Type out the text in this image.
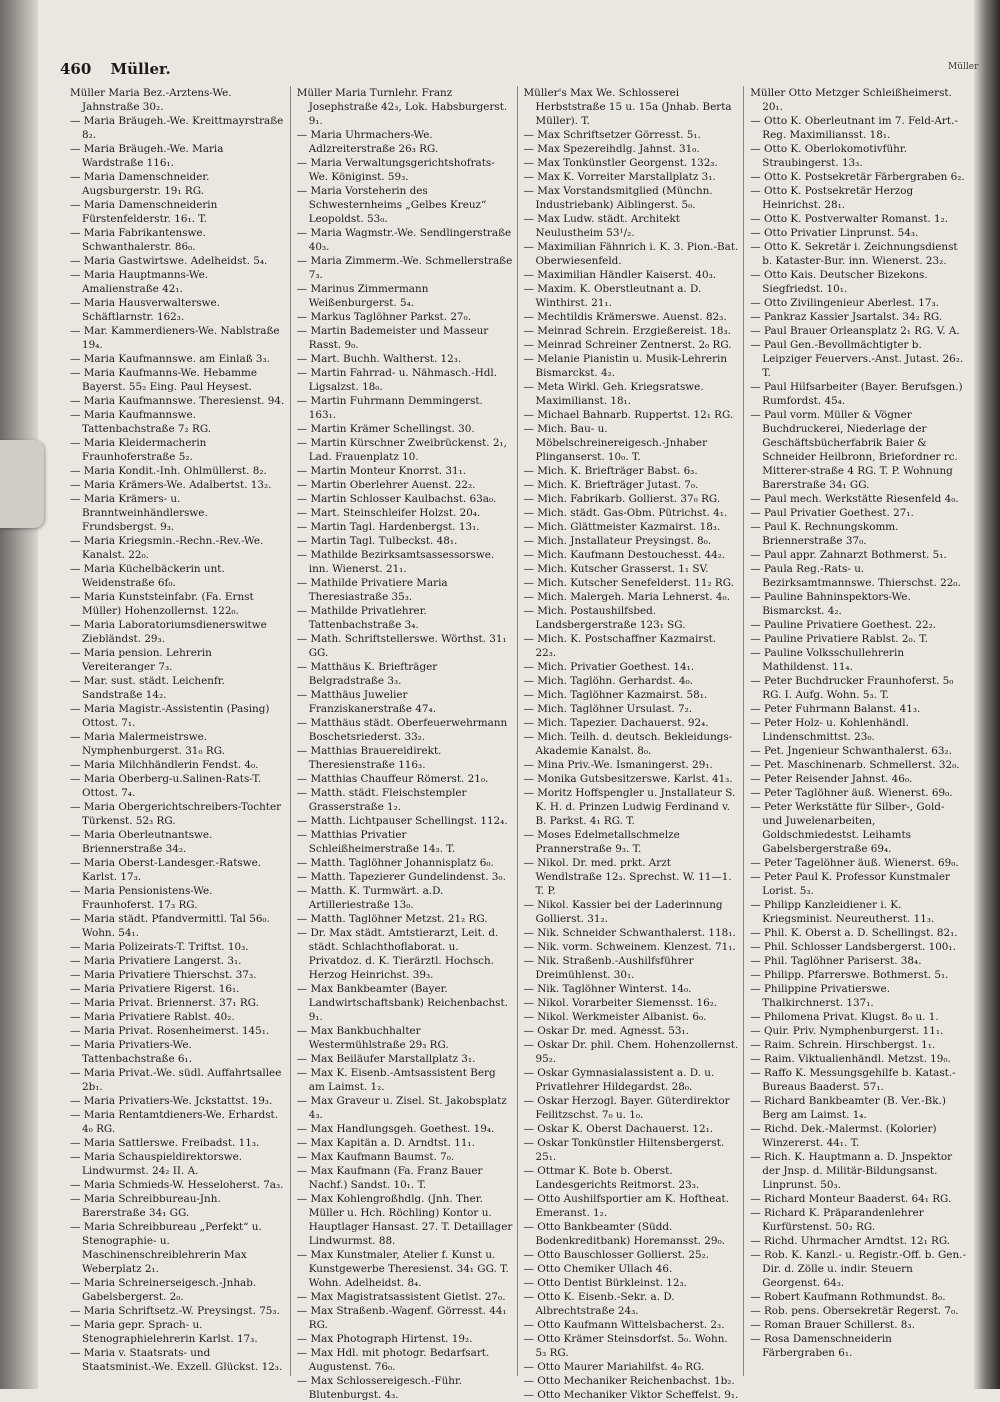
460 Müller.

Müller Maria Bez.-Arztens-We. Jahnstraße 30₂.

— Maria Bräugeh.-We. Kreittmayrstraße 8₂.

— Maria Bräugeh.-We. Maria Wardstraße 116₁.

— Maria Damenschneider. Augsburgerstr. 19₁ RG.

— Maria Damenschneiderin Fürstenfelderstr. 16₁. T.

— Maria Fabrikantenswe. Schwanthalerstr. 86₀.

— Maria Gastwirtswe. Adelheidst. 5₄.

— Maria Hauptmanns-We. Amalienstraße 42₁.

— Maria Hausverwalterswe. Schäftlarnstr. 162₃.

— Mar. Kammerdieners-We. Nablstraße 19₄.

— Maria Kaufmannswe. am Einlaß 3₃.

— Maria Kaufmanns-We. Hebamme Bayerst. 55₂ Eing. Paul Heysest.

— Maria Kaufmannswe. Theresienst. 94.

— Maria Kaufmannswe. Tattenbachstraße 7₂ RG.

— Maria Kleidermacherin Fraunhoferstraße 5₂.

— Maria Kondit.-Inh. Ohlmüllerst. 8₂.

— Maria Krämers-We. Adalbertst. 13₂.

— Maria Krämers- u. Branntweinhändlerswe. Frundsbergst. 9₃.

— Maria Kriegsmin.-Rechn.-Rev.-We. Kanalst. 22₀.

— Maria Küchelbäckerin unt. Weidenstraße 6f₀.

— Maria Kunststeinfabr. (Fa. Ernst Müller) Hohenzollernst. 122₀.

— Maria Laboratoriumsdienerswitwe Ziebländst. 29₃.

— Maria pension. Lehrerin Vereiteranger 7₃.

— Mar. sust. städt. Leichenfr. Sandstraße 14₂.

— Maria Magistr.-Assistentin (Pasing) Ottost. 7₁.

— Maria Malermeistrswe. Nymphenburgerst. 31₀ RG.

— Maria Milchhändlerin Fendst. 4₀.

— Maria Oberberg-u.Salinen-Rats-T. Ottost. 7₄.

— Maria Obergerichtschreibers-Tochter Türkenst. 52₃ RG.

— Maria Oberleutnantswe. Briennerstraße 34₂.

— Maria Oberst-Landesger.-Ratswe. Karlst. 17₃.

— Maria Pensionistens-We. Fraunhoferst. 17₃ RG.

— Maria städt. Pfandvermittl. Tal 56₀. Wohn. 54₁.

— Maria Polizeirats-T. Triftst. 10₃.

— Maria Privatiere Langerst. 3₁.

— Maria Privatiere Thierschst. 37₃.

— Maria Privatiere Rigerst. 16₁.

— Maria Privat. Briennerst. 37₁ RG.

— Maria Privatiere Rablst. 40₂.

— Maria Privat. Rosenheimerst. 145₁.

— Maria Privatiers-We. Tattenbachstraße 6₁.

— Maria Privat.-We. südl. Auffahrtsallee 2b₁.

— Maria Privatiers-We. Jckstattst. 19₃.

— Maria Rentamtdieners-We. Erhardst. 4₀ RG.

— Maria Sattlerswe. Freibadst. 11₃.

— Maria Schauspieldirektorswe. Lindwurmst. 24₂ II. A.

— Maria Schmieds-W. Hesseloherst. 7a₃.

— Maria Schreibbureau-Jnh. Barerstraße 34₁ GG.

— Maria Schreibbureau „Perfekt“ u. Stenographie- u. Maschinenschreiblehrerin Max Weberplatz 2₁.

— Maria Schreinerseigesch.-Jnhab. Gabelsbergerst. 2₀.

— Maria Schriftsetz.-W. Preysingst. 75₃.

— Maria gepr. Sprach- u. Stenographielehrerin Karlst. 17₃.

— Maria v. Staatsrats- und Staatsminist.-We. Exzell. Glückst. 12₃.

Müller Maria Turnlehr. Franz Josephstraße 42₃, Lok. Habsburgerst. 9₁.

— Maria Uhrmachers-We. Adlzreiterstraße 26₃ RG.

— Maria Verwaltungsgerichtshofrats-We. Königinst. 59₃.

— Maria Vorsteherin des Schwesternheims „Gelbes Kreuz“ Leopoldst. 53₀.

— Maria Wagmstr.-We. Sendlingerstraße 40₃.

— Maria Zimmerm.-We. Schmellerstraße 7₃.

— Marinus Zimmermann Weißenburgerst. 5₄.

— Markus Taglöhner Parkst. 27₀.

— Martin Bademeister und Masseur Rasst. 9₀.

— Mart. Buchh. Waltherst. 12₃.

— Martin Fahrrad- u. Nähmasch.-Hdl. Ligsalzst. 18₀.

— Martin Fuhrmann Demmingerst. 163₁.

— Martin Krämer Schellingst. 30.

— Martin Kürschner Zweibrückenst. 2₁, Lad. Frauenplatz 10.

— Martin Monteur Knorrst. 31₁.

— Martin Oberlehrer Auenst. 22₂.

— Martin Schlosser Kaulbachst. 63a₀.

— Mart. Steinschleifer Holzst. 20₄.

— Martin Tagl. Hardenbergst. 13₁.

— Martin Tagl. Tulbeckst. 48₁.

— Mathilde Bezirksamtsassessorswe. inn. Wienerst. 21₁.

— Mathilde Privatiere Maria Theresiastraße 35₃.

— Mathilde Privatlehrer. Tattenbachstraße 3₄.

— Math. Schriftstellerswe. Wörthst. 31₁ GG.

— Matthäus K. Briefträger Belgradstraße 3₃.

— Matthäus Juwelier Franziskanerstraße 47₄.

— Matthäus städt. Oberfeuerwehrmann Boschetsriederst. 33₂.

— Matthias Brauereidirekt. Theresienstraße 116₃.

— Matthias Chauffeur Römerst. 21₀.

— Matth. städt. Fleischstempler Grasserstraße 1₂.

— Matth. Lichtpauser Schellingst. 112₄.

— Matthias Privatier Schleißheimerstraße 14₃. T.

— Matth. Taglöhner Johannisplatz 6₀.

— Matth. Tapezierer Gundelindenst. 3₀.

— Matth. K. Turmwärt. a.D. Artilleriestraße 13₀.

— Matth. Taglöhner Metzst. 21₂ RG.

— Dr. Max städt. Amtstierarzt, Leit. d. städt. Schlachthoflaborat. u. Privatdoz. d. K. Tierärztl. Hochsch. Herzog Heinrichst. 39₃.

— Max Bankbeamter (Bayer. Landwirtschaftsbank) Reichenbachst. 9₁.

— Max Bankbuchhalter Westermühlstraße 29₃ RG.

— Max Beiläufer Marstallplatz 3₁.

— Max K. Eisenb.-Amtsassistent Berg am Laimst. 1₂.

— Max Graveur u. Zisel. St. Jakobsplatz 4₃.

— Max Handlungsgeh. Goethest. 19₄.

— Max Kapitän a. D. Arndtst. 11₁.

— Max Kaufmann Baumst. 7₀.

— Max Kaufmann (Fa. Franz Bauer Nachf.) Sandst. 10₁. T.

— Max Kohlengroßhdlg. (Jnh. Ther. Müller u. Hch. Röchling) Kontor u. Hauptlager Hansast. 27. T. Detaillager Lindwurmst. 88.

— Max Kunstmaler, Atelier f. Kunst u. Kunstgewerbe Theresienst. 34₁ GG. T. Wohn. Adelheidst. 8₄.

— Max Magistratsassistent Gietlst. 27₀.

— Max Straßenb.-Wagenf. Görresst. 44₁ RG.

— Max Photograph Hirtenst. 19₂.

— Max Hdl. mit photogr. Bedarfsart. Augustenst. 76₀.

— Max Schlossereigesch.-Führ. Blutenburgst. 4₃.

Müller's Max We. Schlosserei Herbststraße 15 u. 15a (Jnhab. Berta Müller). T.

— Max Schriftsetzer Görresst. 5₁.

— Max Spezereihdlg. Jahnst. 31₀.

— Max Tonkünstler Georgenst. 132₃.

— Max K. Vorreiter Marstallplatz 3₁.

— Max Vorstandsmitglied (Münchn. Industriebank) Aiblingerst. 5₀.

— Max Ludw. städt. Architekt Neulustheim 53¹/₂.

— Maximilian Fähnrich i. K. 3. Pion.-Bat. Oberwiesenfeld.

— Maximilian Händler Kaiserst. 40₃.

— Maxim. K. Oberstleutnant a. D. Winthirst. 21₁.

— Mechtildis Krämerswe. Auenst. 82₃.

— Meinrad Schrein. Erzgießereist. 18₃.

— Meinrad Schreiner Zentnerst. 2₀ RG.

— Melanie Pianistin u. Musik-Lehrerin Bismarckst. 4₂.

— Meta Wirkl. Geh. Kriegsratswe. Maximilianst. 18₁.

— Michael Bahnarb. Ruppertst. 12₁ RG.

— Mich. Bau- u. Möbelschreinereigesch.-Jnhaber Plinganserst. 10₀. T.

— Mich. K. Briefträger Babst. 6₃.

— Mich. K. Briefträger Jutast. 7₀.

— Mich. Fabrikarb. Gollierst. 37₀ RG.

— Mich. städt. Gas-Obm. Pütrichst. 4₁.

— Mich. Glättmeister Kazmairst. 18₃.

— Mich. Jnstallateur Preysingst. 8₀.

— Mich. Kaufmann Destouchesst. 44₂.

— Mich. Kutscher Grasserst. 1₁ SV.

— Mich. Kutscher Senefelderst. 11₂ RG.

— Mich. Malergeh. Maria Lehnerst. 4₀.

— Mich. Postaushilfsbed. Landsbergerstraße 123₁ SG.

— Mich. K. Postschaffner Kazmairst. 22₃.

— Mich. Privatier Goethest. 14₁.

— Mich. Taglöhn. Gerhardst. 4₀.

— Mich. Taglöhner Kazmairst. 58₁.

— Mich. Taglöhner Ursulast. 7₂.

— Mich. Tapezier. Dachauerst. 92₄.

— Mich. Teilh. d. deutsch. Bekleidungs-Akademie Kanalst. 8₀.

— Mina Priv.-We. Ismaningerst. 29₁.

— Monika Gutsbesitzerswe. Karlst. 41₃.

— Moritz Hoffspengler u. Jnstallateur S. K. H. d. Prinzen Ludwig Ferdinand v. B. Parkst. 4₁ RG. T.

— Moses Edelmetallschmelze Prannerstraße 9₃. T.

— Nikol. Dr. med. prkt. Arzt Wendlstraße 12₃. Sprechst. W. 11—1. T. P.

— Nikol. Kassier bei der Laderinnung Gollierst. 31₂.

— Nik. Schneider Schwanthalerst. 118₁.

— Nik. vorm. Schweinem. Klenzest. 71₁.

— Nik. Straßenb.-Aushilfsführer Dreimühlenst. 30₁.

— Nik. Taglöhner Winterst. 14₀.

— Nikol. Vorarbeiter Siemensst. 16₂.

— Nikol. Werkmeister Albanist. 6₀.

— Oskar Dr. med. Agnesst. 53₁.

— Oskar Dr. phil. Chem. Hohenzollernst. 95₂.

— Oskar Gymnasialassistent a. D. u. Privatlehrer Hildegardst. 28₀.

— Oskar Herzogl. Bayer. Güterdirektor Feilitzschst. 7₀ u. 1₀.

— Oskar K. Oberst Dachauerst. 12₁.

— Oskar Tonkünstler Hiltensbergerst. 25₁.

— Ottmar K. Bote b. Oberst. Landesgerichts Reitmorst. 23₃.

— Otto Aushilfsportier am K. Hoftheat. Emeranst. 1₂.

— Otto Bankbeamter (Südd. Bodenkreditbank) Horemansst. 29₀.

— Otto Bauschlosser Gollierst. 25₂.

— Otto Chemiker Ullach 46.

— Otto Dentist Bürkleinst. 12₃.

— Otto K. Eisenb.-Sekr. a. D. Albrechtstraße 24₃.

— Otto Kaufmann Wittelsbacherst. 2₃.

— Otto Krämer Steinsdorfst. 5₀. Wohn. 5₃ RG.

— Otto Maurer Mariahilfst. 4₀ RG.

— Otto Mechaniker Reichenbachst. 1b₂.

— Otto Mechaniker Viktor Scheffelst. 9₁.

Müller Otto Metzger Schleißheimerst. 20₁.

— Otto K. Oberleutnant im 7. Feld-Art.-Reg. Maximiliansst. 18₁.

— Otto K. Oberlokomotivführ. Straubingerst. 13₃.

— Otto K. Postsekretär Färbergraben 6₂.

— Otto K. Postsekretär Herzog Heinrichst. 28₁.

— Otto K. Postverwalter Romanst. 1₂.

— Otto Privatier Linprunst. 54₃.

— Otto K. Sekretär i. Zeichnungsdienst b. Kataster-Bur. inn. Wienerst. 23₂.

— Otto Kais. Deutscher Bizekons. Siegfriedst. 10₁.

— Otto Zivilingenieur Aberlest. 17₃.

— Pankraz Kassier Jsartalst. 34₂ RG.

— Paul Brauer Orleansplatz 2₁ RG. V. A.

— Paul Gen.-Bevollmächtigter b. Leipziger Feuervers.-Anst. Jutast. 26₂. T.

— Paul Hilfsarbeiter (Bayer. Berufsgen.) Rumfordst. 45₄.

— Paul vorm. Müller & Vögner Buchdruckerei, Niederlage der Geschäftsbücherfabrik Baier & Schneider Heilbronn, Briefordner rc. Mitterer-straße 4 RG. T. P. Wohnung Barerstraße 34₁ GG.

— Paul mech. Werkstätte Riesenfeld 4₀.

— Paul Privatier Goethest. 27₁.

— Paul K. Rechnungskomm. Briennerstraße 37₀.

— Paul appr. Zahnarzt Bothmerst. 5₁.

— Paula Reg.-Rats- u. Bezirksamtmannswe. Thierschst. 22₀.

— Pauline Bahninspektors-We. Bismarckst. 4₂.

— Pauline Privatiere Goethest. 22₂.

— Pauline Privatiere Rablst. 2₀. T.

— Pauline Volksschullehrerin Mathildenst. 11₄.

— Peter Buchdrucker Fraunhoferst. 5₀ RG. I. Aufg. Wohn. 5₃. T.

— Peter Fuhrmann Balanst. 41₃.

— Peter Holz- u. Kohlenhändl. Lindenschmittst. 23₀.

— Pet. Jngenieur Schwanthalerst. 63₂.

— Pet. Maschinenarb. Schmellerst. 32₀.

— Peter Reisender Jahnst. 46₀.

— Peter Taglöhner äuß. Wienerst. 69₀.

— Peter Werkstätte für Silber-, Gold- und Juwelenarbeiten, Goldschmiedestst. Leihamts Gabelsbergerstraße 69₄.

— Peter Tagelöhner äuß. Wienerst. 69₀.

— Peter Paul K. Professor Kunstmaler Lorist. 5₃.

— Philipp Kanzleidiener i. K. Kriegsminist. Neureutherst. 11₃.

— Phil. K. Oberst a. D. Schellingst. 82₁.

— Phil. Schlosser Landsbergerst. 100₁.

— Phil. Taglöhner Pariserst. 38₄.

— Philipp. Pfarrerswe. Bothmerst. 5₁.

— Philippine Privatierswe. Thalkirchnerst. 137₁.

— Philomena Privat. Klugst. 8₀ u. 1.

— Quir. Priv. Nymphenburgerst. 11₁.

— Raim. Schrein. Hirschbergst. 1₁.

— Raim. Viktualienhändl. Metzst. 19₀.

— Raffo K. Messungsgehilfe b. Katast.-Bureaus Baaderst. 57₁.

— Richard Bankbeamter (B. Ver.-Bk.) Berg am Laimst. 1₄.

— Richd. Dek.-Malermst. (Kolorier) Winzererst. 44₁. T.

— Rich. K. Hauptmann a. D. Jnspektor der Jnsp. d. Militär-Bildungsanst. Linprunst. 50₃.

— Richard Monteur Baaderst. 64₁ RG.

— Richard K. Präparandenlehrer Kurfürstenst. 50₂ RG.

— Richd. Uhrmacher Arndtst. 12₁ RG.

— Rob. K. Kanzl.- u. Registr.-Off. b. Gen.-Dir. d. Zölle u. indir. Steuern Georgenst. 64₃.

— Robert Kaufmann Rothmundst. 8₀.

— Rob. pens. Obersekretär Regerst. 7₀.

— Roman Brauer Schillerst. 8₃.

— Rosa Damenschneiderin Färbergraben 6₁.

Müller
